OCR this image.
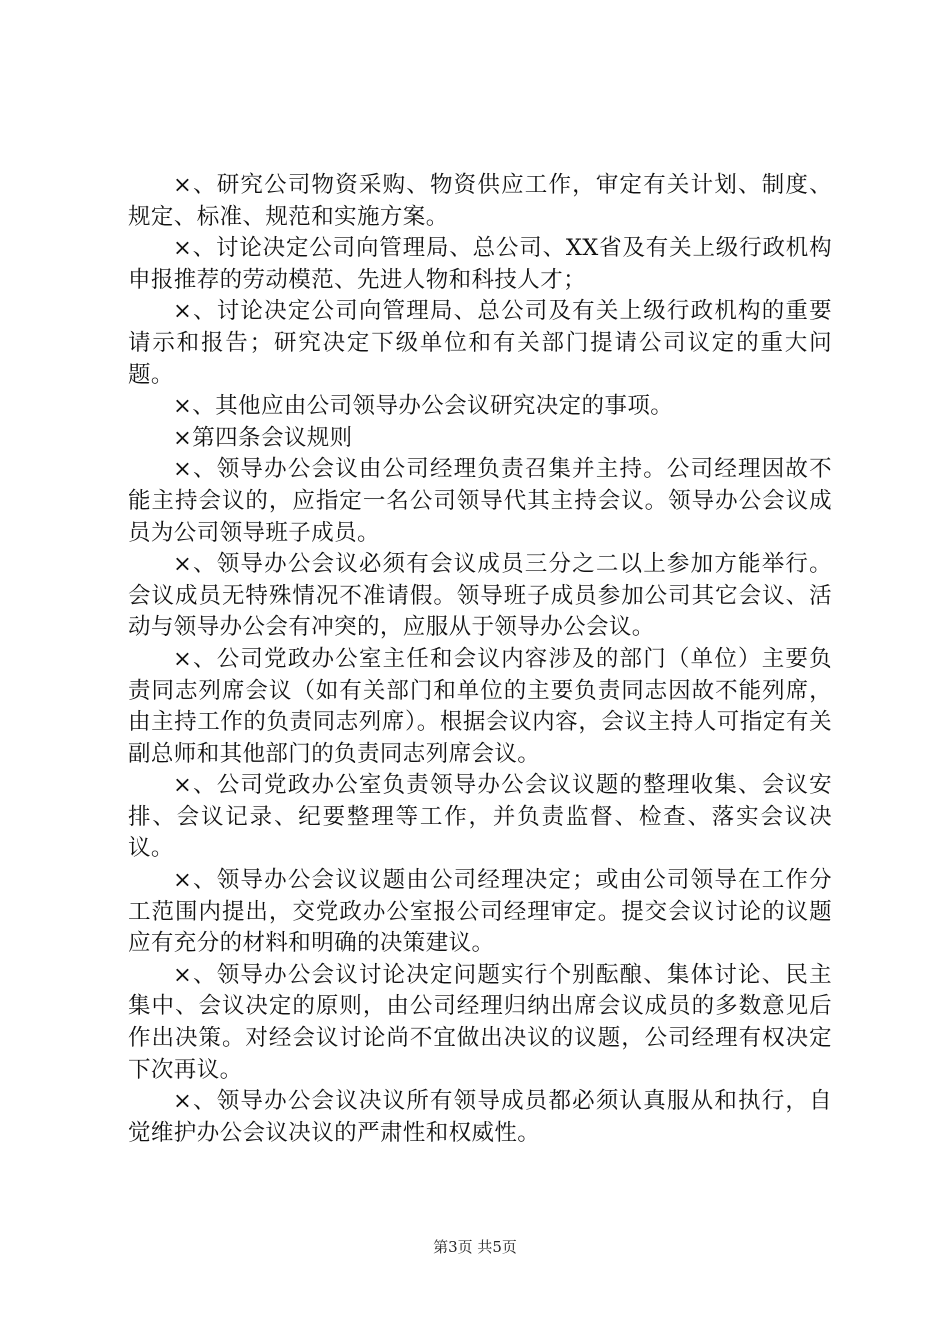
×、研究公司物资采购、物资供应工作，审定有关计划、制度、规定、标准、规范和实施方案。

×、讨论决定公司向管理局、总公司、XX省及有关上级行政机构申报推荐的劳动模范、先进人物和科技人才；

×、讨论决定公司向管理局、总公司及有关上级行政机构的重要请示和报告；研究决定下级单位和有关部门提请公司议定的重大问题。

×、其他应由公司领导办公会议研究决定的事项。

×第四条会议规则

×、领导办公会议由公司经理负责召集并主持。公司经理因故不能主持会议的，应指定一名公司领导代其主持会议。领导办公会议成员为公司领导班子成员。

×、领导办公会议必须有会议成员三分之二以上参加方能举行。会议成员无特殊情况不准请假。领导班子成员参加公司其它会议、活动与领导办公会有冲突的，应服从于领导办公会议。

×、公司党政办公室主任和会议内容涉及的部门（单位）主要负责同志列席会议（如有关部门和单位的主要负责同志因故不能列席，由主持工作的负责同志列席）。根据会议内容，会议主持人可指定有关副总师和其他部门的负责同志列席会议。

×、公司党政办公室负责领导办公会议议题的整理收集、会议安排、会议记录、纪要整理等工作，并负责监督、检查、落实会议决议。

×、领导办公会议议题由公司经理决定；或由公司领导在工作分工范围内提出，交党政办公室报公司经理审定。提交会议讨论的议题应有充分的材料和明确的决策建议。

×、领导办公会议讨论决定问题实行个别酝酿、集体讨论、民主集中、会议决定的原则，由公司经理归纳出席会议成员的多数意见后作出决策。对经会议讨论尚不宜做出决议的议题，公司经理有权决定下次再议。

×、领导办公会议决议所有领导成员都必须认真服从和执行，自觉维护办公会议决议的严肃性和权威性。

第3页 共5页
